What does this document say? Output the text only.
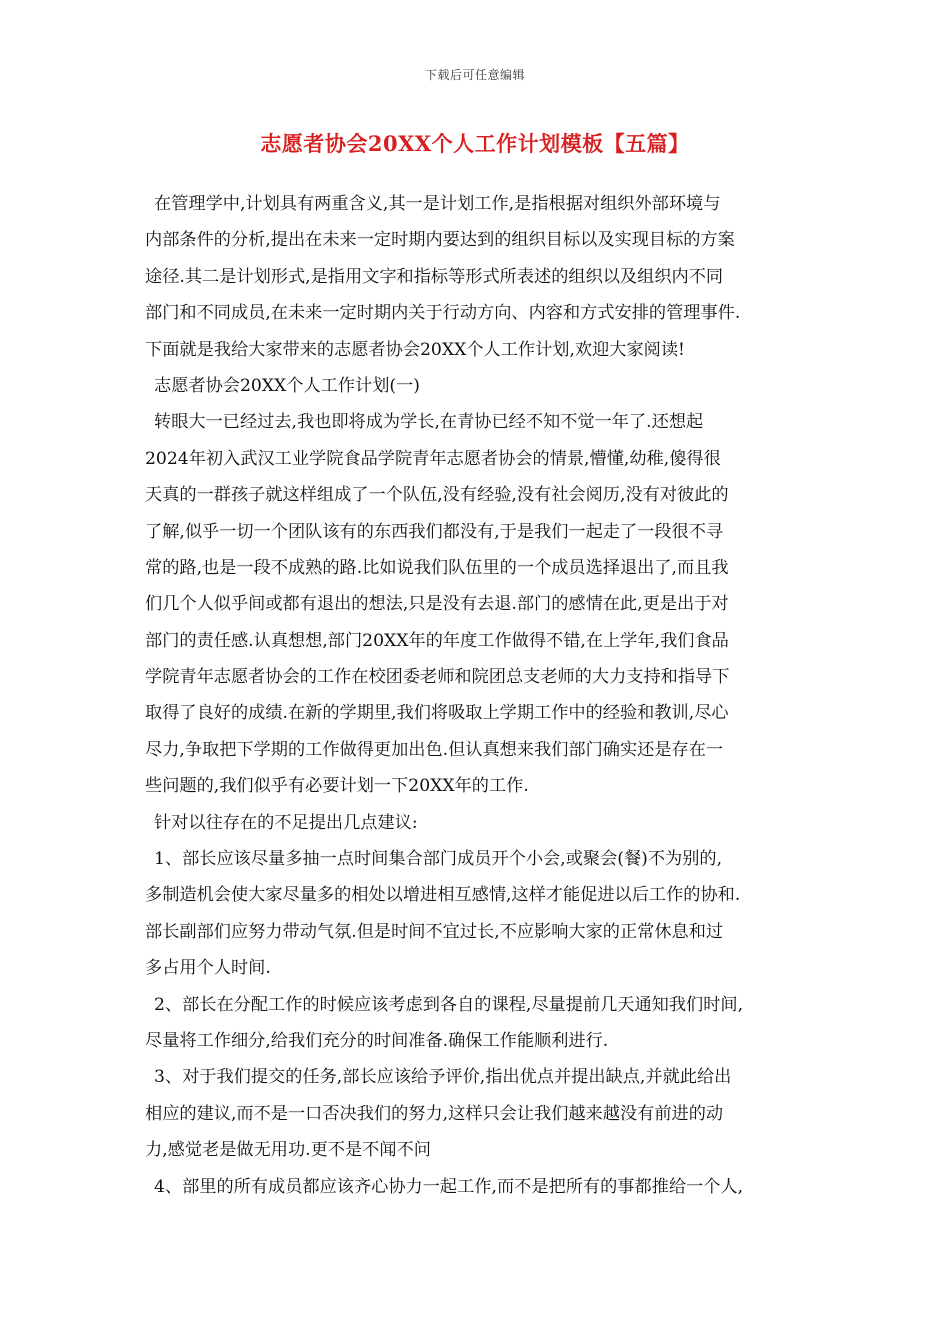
下载后可任意编辑
志愿者协会20XX个人工作计划模板【五篇】
在管理学中,计划具有两重含义,其一是计划工作,是指根据对组织外部环境与
内部条件的分析,提出在未来一定时期内要达到的组织目标以及实现目标的方案
途径.其二是计划形式,是指用文字和指标等形式所表述的组织以及组织内不同
部门和不同成员,在未来一定时期内关于行动方向、内容和方式安排的管理事件.
下面就是我给大家带来的志愿者协会20XX个人工作计划,欢迎大家阅读!
志愿者协会20XX个人工作计划(一)
转眼大一已经过去,我也即将成为学长,在青协已经不知不觉一年了.还想起
2024年初入武汉工业学院食品学院青年志愿者协会的情景,懵懂,幼稚,傻得很
天真的一群孩子就这样组成了一个队伍,没有经验,没有社会阅历,没有对彼此的
了解,似乎一切一个团队该有的东西我们都没有,于是我们一起走了一段很不寻
常的路,也是一段不成熟的路.比如说我们队伍里的一个成员选择退出了,而且我
们几个人似乎间或都有退出的想法,只是没有去退.部门的感情在此,更是出于对
部门的责任感.认真想想,部门20XX年的年度工作做得不错,在上学年,我们食品
学院青年志愿者协会的工作在校团委老师和院团总支老师的大力支持和指导下
取得了良好的成绩.在新的学期里,我们将吸取上学期工作中的经验和教训,尽心
尽力,争取把下学期的工作做得更加出色.但认真想来我们部门确实还是存在一
些问题的,我们似乎有必要计划一下20XX年的工作.
针对以往存在的不足提出几点建议:
1、部长应该尽量多抽一点时间集合部门成员开个小会,或聚会(餐)不为别的,
多制造机会使大家尽量多的相处以增进相互感情,这样才能促进以后工作的协和.
部长副部们应努力带动气氛.但是时间不宜过长,不应影响大家的正常休息和过
多占用个人时间.
2、部长在分配工作的时候应该考虑到各自的课程,尽量提前几天通知我们时间,
尽量将工作细分,给我们充分的时间准备.确保工作能顺利进行.
3、对于我们提交的任务,部长应该给予评价,指出优点并提出缺点,并就此给出
相应的建议,而不是一口否决我们的努力,这样只会让我们越来越没有前进的动
力,感觉老是做无用功.更不是不闻不问
4、部里的所有成员都应该齐心协力一起工作,而不是把所有的事都推给一个人,
